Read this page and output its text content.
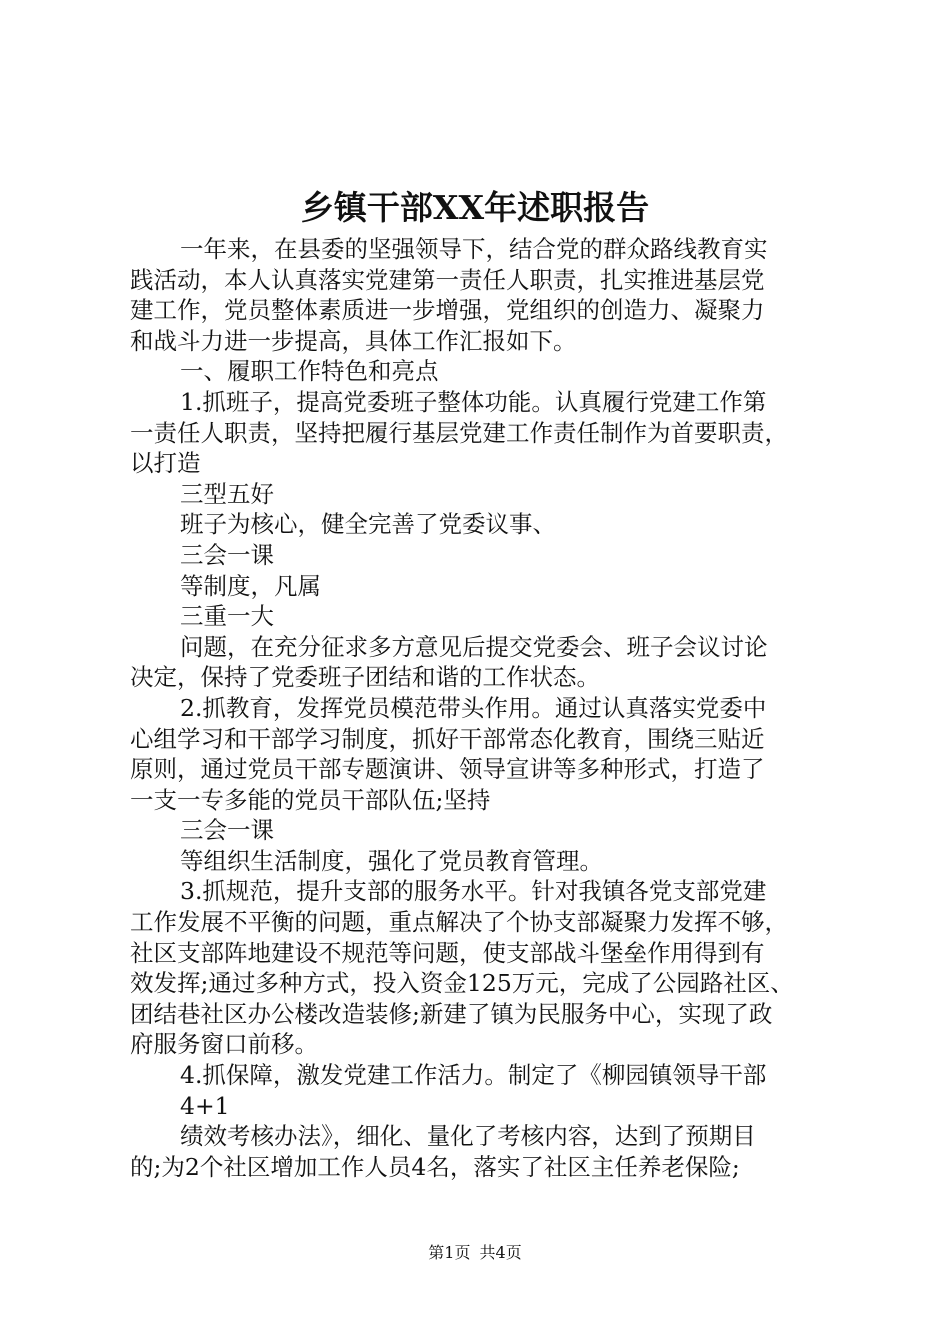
乡镇干部XX年述职报告

一年来，在县委的坚强领导下，结合党的群众路线教育实

践活动，本人认真落实党建第一责任人职责，扎实推进基层党

建工作，党员整体素质进一步增强，党组织的创造力、凝聚力

和战斗力进一步提高，具体工作汇报如下。

一、履职工作特色和亮点

1.抓班子，提高党委班子整体功能。认真履行党建工作第

一责任人职责，坚持把履行基层党建工作责任制作为首要职责，

以打造

三型五好

班子为核心，健全完善了党委议事、

三会一课

等制度，凡属

三重一大

问题，在充分征求多方意见后提交党委会、班子会议讨论

决定，保持了党委班子团结和谐的工作状态。

2.抓教育，发挥党员模范带头作用。通过认真落实党委中

心组学习和干部学习制度，抓好干部常态化教育，围绕三贴近

原则，通过党员干部专题演讲、领导宣讲等多种形式，打造了

一支一专多能的党员干部队伍;坚持

三会一课

等组织生活制度，强化了党员教育管理。

3.抓规范，提升支部的服务水平。针对我镇各党支部党建

工作发展不平衡的问题，重点解决了个协支部凝聚力发挥不够，

社区支部阵地建设不规范等问题，使支部战斗堡垒作用得到有

效发挥;通过多种方式，投入资金125万元，完成了公园路社区、

团结巷社区办公楼改造装修;新建了镇为民服务中心，实现了政

府服务窗口前移。

4.抓保障，激发党建工作活力。制定了《柳园镇领导干部

4+1

绩效考核办法》，细化、量化了考核内容，达到了预期目

的;为2个社区增加工作人员4名，落实了社区主任养老保险;

第1页 共4页
